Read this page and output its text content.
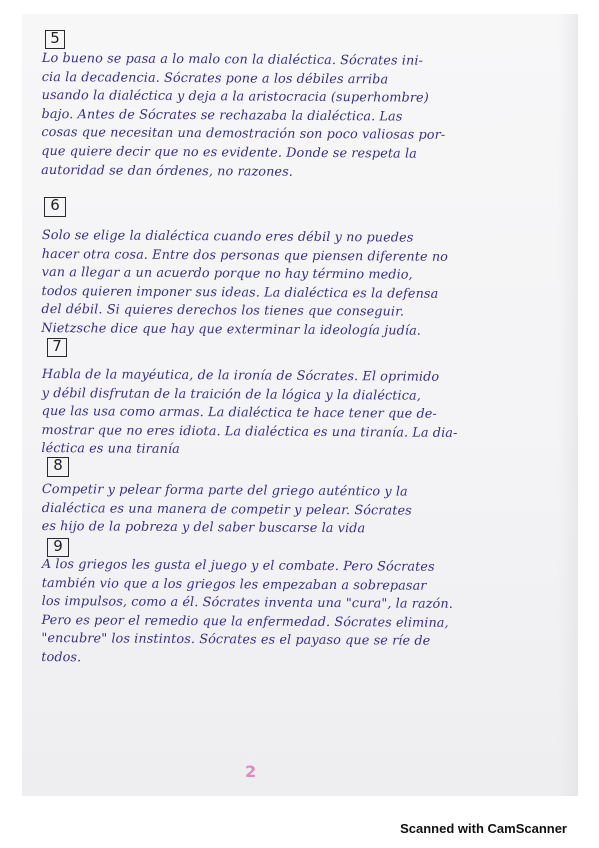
5
Lo bueno se pasa a lo malo con la dialéctica. Sócrates ini-
cia la decadencia. Sócrates pone a los débiles arriba
usando la dialéctica y deja a la aristocracia (superhombre)
bajo. Antes de Sócrates se rechazaba la dialéctica. Las
cosas que necesitan una demostración son poco valiosas por-
que quiere decir que no es evidente. Donde se respeta la
autoridad se dan órdenes, no razones.
6
Solo se elige la dialéctica cuando eres débil y no puedes
hacer otra cosa. Entre dos personas que piensen diferente no
van a llegar a un acuerdo porque no hay término medio,
todos quieren imponer sus ideas. La dialéctica es la defensa
del débil. Si quieres derechos los tienes que conseguir.
Nietzsche dice que hay que exterminar la ideología judía.
7
Habla de la mayéutica, de la ironía de Sócrates. El oprimido
y débil disfrutan de la traición de la lógica y la dialéctica,
que las usa como armas. La dialéctica te hace tener que de-
mostrar que no eres idiota. La dialéctica es una tiranía. La dia-
léctica es una tiranía
8
Competir y pelear forma parte del griego auténtico y la
dialéctica es una manera de competir y pelear. Sócrates
es hijo de la pobreza y del saber buscarse la vida
9
A los griegos les gusta el juego y el combate. Pero Sócrates
también vio que a los griegos les empezaban a sobrepasar
los impulsos, como a él. Sócrates inventa una "cura", la razón.
Pero es peor el remedio que la enfermedad. Sócrates elimina,
"encubre" los instintos. Sócrates es el payaso que se ríe de
todos.
2
Scanned with CamScanner
